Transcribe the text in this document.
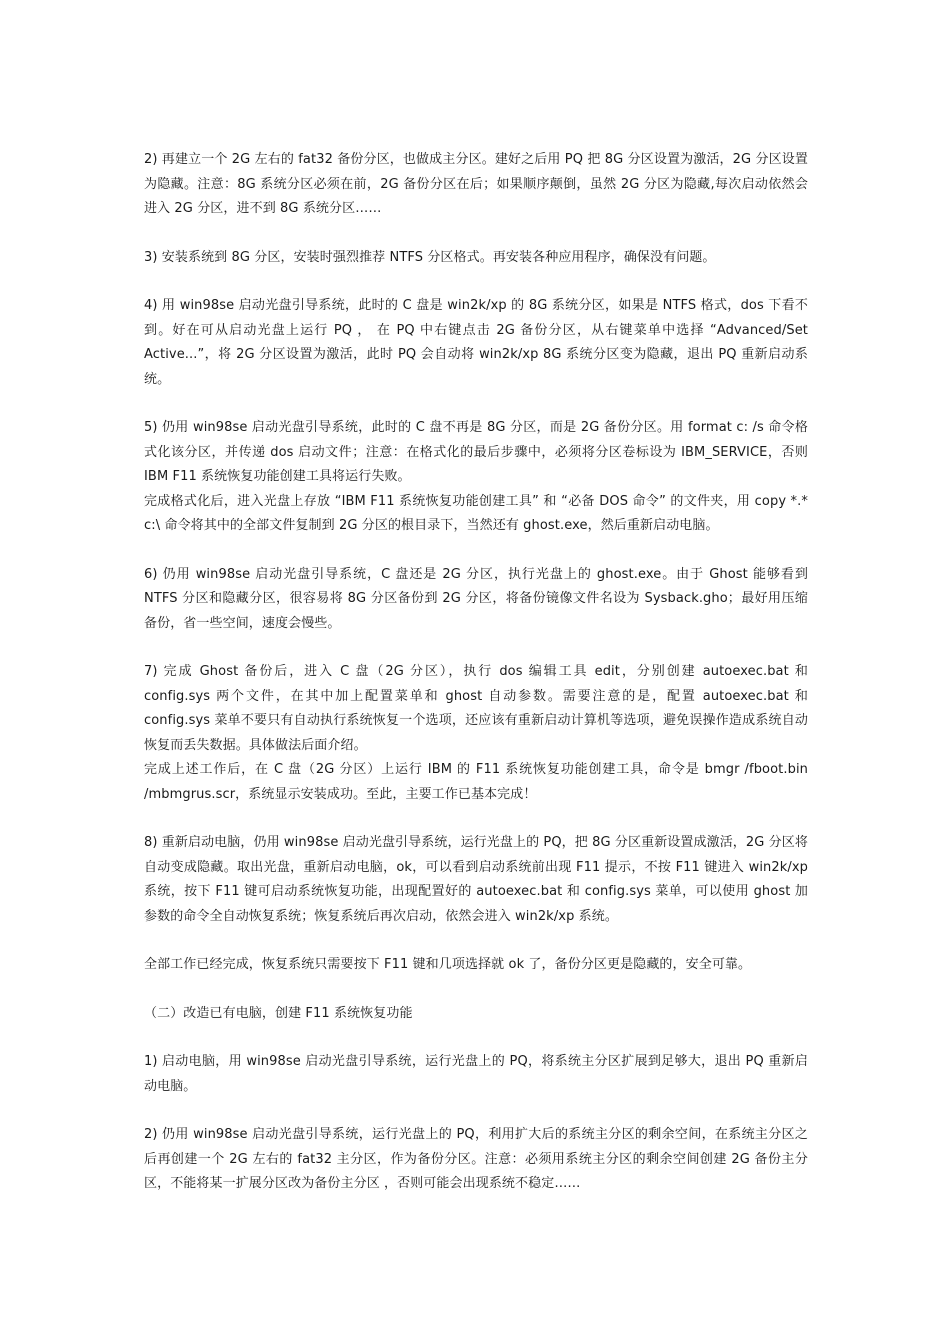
2) 再建立一个 2G 左右的 fat32 备份分区，也做成主分区。建好之后用 PQ 把 8G 分区设置为激活，2G 分区设置为隐藏。注意：8G 系统分区必须在前，2G 备份分区在后；如果顺序颠倒，虽然 2G 分区为隐藏,每次启动依然会进入 2G 分区，进不到 8G 系统分区……

3) 安装系统到 8G 分区，安装时强烈推荐 NTFS 分区格式。再安装各种应用程序，确保没有问题。

4) 用 win98se 启动光盘引导系统，此时的 C 盘是 win2k/xp 的 8G 系统分区，如果是 NTFS 格式，dos 下看不到。好在可从启动光盘上运行 PQ ， 在 PQ 中右键点击 2G 备份分区，从右键菜单中选择 “Advanced/Set Active...”，将 2G 分区设置为激活，此时 PQ 会自动将 win2k/xp 8G 系统分区变为隐藏，退出 PQ 重新启动系统。

5) 仍用 win98se 启动光盘引导系统，此时的 C 盘不再是 8G 分区，而是 2G 备份分区。用 format c: /s 命令格式化该分区，并传递 dos 启动文件；注意：在格式化的最后步骤中，必须将分区卷标设为 IBM_SERVICE，否则 IBM F11 系统恢复功能创建工具将运行失败。

完成格式化后，进入光盘上存放 “IBM F11 系统恢复功能创建工具” 和 “必备 DOS 命令” 的文件夹，用 copy *.* c:\ 命令将其中的全部文件复制到 2G 分区的根目录下，当然还有 ghost.exe，然后重新启动电脑。

6) 仍用 win98se 启动光盘引导系统，C 盘还是 2G 分区，执行光盘上的 ghost.exe。由于 Ghost 能够看到 NTFS 分区和隐藏分区，很容易将 8G 分区备份到 2G 分区，将备份镜像文件名设为 Sysback.gho；最好用压缩备份，省一些空间，速度会慢些。

7) 完成 Ghost 备份后，进入 C 盘（2G 分区），执行 dos 编辑工具 edit，分别创建 autoexec.bat 和 config.sys 两个文件，在其中加上配置菜单和 ghost 自动参数。需要注意的是，配置 autoexec.bat 和 config.sys 菜单不要只有自动执行系统恢复一个选项，还应该有重新启动计算机等选项，避免误操作造成系统自动恢复而丢失数据。具体做法后面介绍。

完成上述工作后，在 C 盘（2G 分区）上运行 IBM 的 F11 系统恢复功能创建工具，命令是 bmgr /fboot.bin /mbmgrus.scr，系统显示安装成功。至此，主要工作已基本完成！

8) 重新启动电脑，仍用 win98se 启动光盘引导系统，运行光盘上的 PQ，把 8G 分区重新设置成激活，2G 分区将自动变成隐藏。取出光盘，重新启动电脑，ok，可以看到启动系统前出现 F11 提示，不按 F11 键进入 win2k/xp 系统，按下 F11 键可启动系统恢复功能，出现配置好的 autoexec.bat 和 config.sys 菜单，可以使用 ghost 加参数的命令全自动恢复系统；恢复系统后再次启动，依然会进入 win2k/xp 系统。

全部工作已经完成，恢复系统只需要按下 F11 键和几项选择就 ok 了，备份分区更是隐藏的，安全可靠。

（二）改造已有电脑，创建 F11 系统恢复功能

1) 启动电脑，用 win98se 启动光盘引导系统，运行光盘上的 PQ，将系统主分区扩展到足够大，退出 PQ 重新启动电脑。

2) 仍用 win98se 启动光盘引导系统，运行光盘上的 PQ，利用扩大后的系统主分区的剩余空间，在系统主分区之后再创建一个 2G 左右的 fat32 主分区，作为备份分区。注意：必须用系统主分区的剩余空间创建 2G 备份主分区，不能将某一扩展分区改为备份主分区 ，否则可能会出现系统不稳定……
